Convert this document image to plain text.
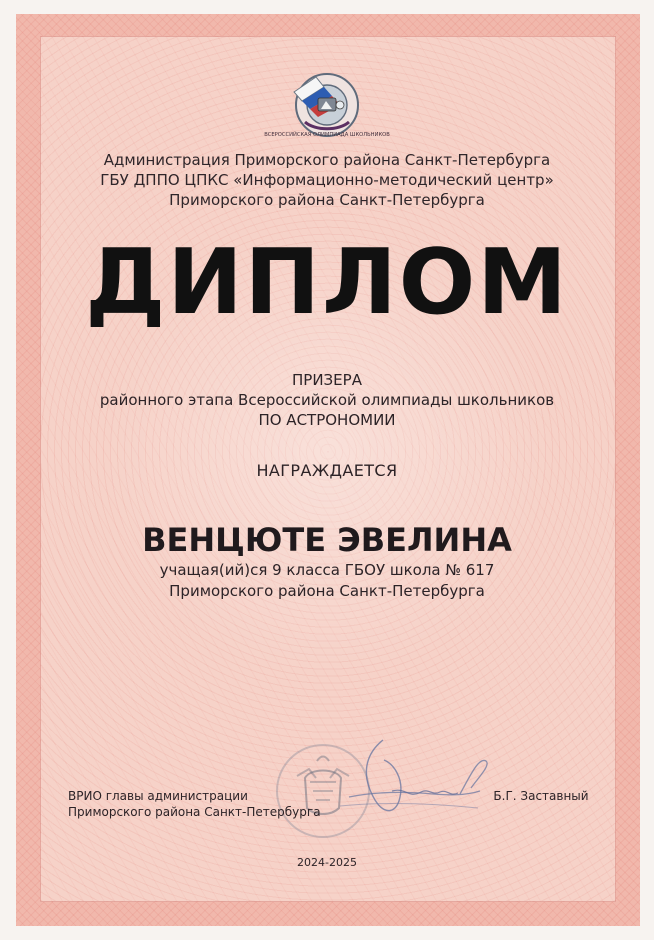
ВСЕРОССИЙСКАЯ ОЛИМПИАДА ШКОЛЬНИКОВ
Администрация Приморского района Санкт-Петербурга
ГБУ ДППО ЦПКС «Информационно-методический центр»
Приморского района Санкт-Петербурга
ДИПЛОМ
ПРИЗЕРА
районного этапа Всероссийской олимпиады школьников
ПО АСТРОНОМИИ
НАГРАЖДАЕТСЯ
ВЕНЦЮТЕ ЭВЕЛИНА
учащая(ий)ся 9 класса ГБОУ школа № 617
Приморского района Санкт-Петербурга
ВРИО главы администрации
Приморского района Санкт-Петербурга
Б.Г. Заставный
2024-2025
